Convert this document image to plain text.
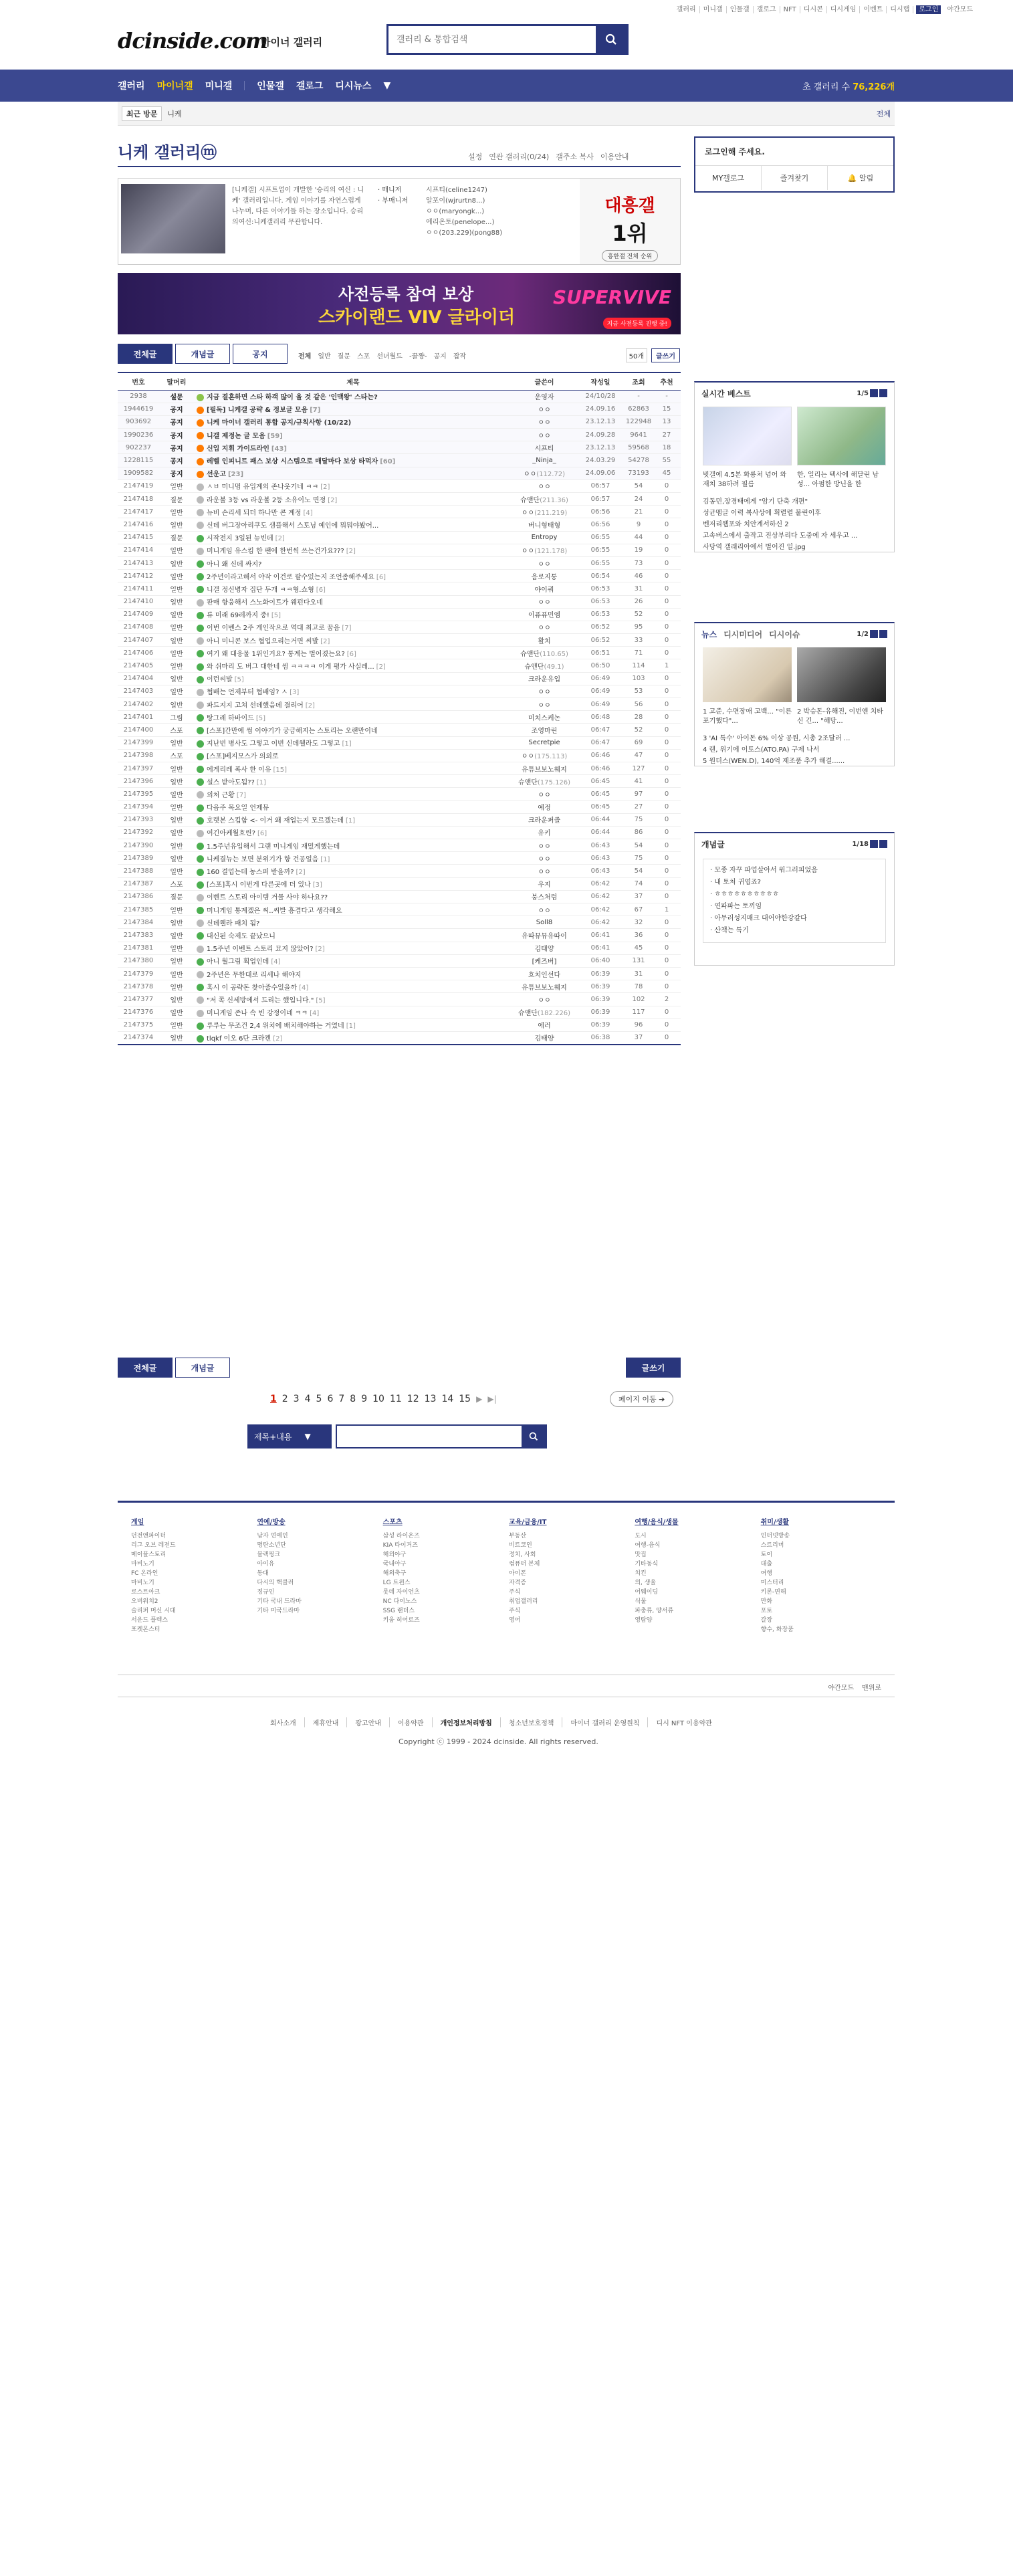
갤러리	미니갤	인물갤	갤로그	NFT	디시콘	디시게임	이벤트	디시랩	로그인	야간모드
dcinside.com
마이너 갤러리
갤러리 & 통합검색
갤러리 마이너갤 미니갤	인물갤 갤로그 디시뉴스 ▼	초 갤러리 수 76,226개
최근 방문	니케	전체
니케 갤러리ⓜ	설정 연관 갤러리(0/24) 갤주소 복사 이용안내
[니케갤] 시프트업이 개발한 '승리의 여신 : 니케' 갤러리입니다. 게임 이야기를 자연스럽게 나누며, 다른 이야기들 하는 장소입니다. 승리의여신:니케갤러리 무관합니다.
· 매니저
· 부매니저
시프티(celine1247)
알포이(wjrurtn8...)
ㅇㅇ(maryongk...)
에리온토(penelope...)
ㅇㅇ(203.229)(pong88)
대흥갤
1위
흥한갤 전체 순위
사전등록 참여 보상
스카이랜드 VIV 글라이더
SUPERVIVE
지금 사전등록 진행 중!
전체글	개념글	공지	전체 일반 질문 스포 선녀월드 -꿀쨩- 공지 잡작	50개	글쓰기
번호	말머리	제목	글쓴이	작성일	조회	추천
2938	설문	지금 결혼하면 스타 하객 많이 올 것 같은 '인맥왕' 스타는?	운영자	24/10/28	-	-
1944619	공지	[필독] 니케갤 공략 & 정보글 모음 [7]	ㅇㅇ	24.09.16	62863	15
903692	공지	니케 마이너 갤러리 통합 공지/규칙사항 (10/22)	ㅇㅇ	23.12.13	122948	13
1990236	공지	니갤 제정논 글 모음 [59]	ㅇㅇ	24.09.28	9641	27
902237	공지	신입 지휘 가이드라인 [43]	시프티	23.12.13	59568	18
1228115	공지	레벨 인피니트 패스 보상 시스템으로 매달마다 보상 타먹자 [60]	_Ninja_	24.03.29	54278	55
1909582	공지	선운고 [23]	ㅇㅇ(112.72)	24.09.06	73193	45
2147419	일반	ㅅㅂ 미니멈 유입계의 존나웃기네 ㅋㅋ [2]	ㅇㅇ	06:57	54	0
2147418	질문	라운볼 3등 vs 라운볼 2등 소유이노 면정 [2]	슈앤단(211.36)	06:57	24	0
2147417	일반	뉴비 손리세 되더 하나만 콘 계정 [4]	ㅇㅇ(211.219)	06:56	21	0
2147416	일반	신데 버그장아리쿠도 샘플해서 스토닝 예인에 뭐뭐야봤어...	버니형태형	06:56	9	0
2147415	질문	시작전지 3일된 뉴빈데 [2]	Entropy	06:55	44	0
2147414	일반	미니게임 유스킴 한 팬에 한번씩 쓰는건가요??? [2]	ㅇㅇ(121.178)	06:55	19	0
2147413	일반	아니 왜 신데 싸지?	ㅇㅇ	06:55	73	0
2147412	일반	2주년이라고해서 야작 이건로 팔수있는지 조언좀해주세요 [6]	음로지통	06:54	46	0
2147411	일반	니갤 정신병자 집단 두개 ㅋㅋ형.쇼형 [6]	야이쿼	06:53	31	0
2147410	일반	판매 항웅해서 스노화이트가 웨펀다오네	ㅇㅇ	06:53	26	0
2147409	일반	류 미래 69레까지 중! [5]	이퓨퓨민엠	06:53	52	0
2147408	일반	이번 이벤스 2주 게인작으로 역대 최고로 꿈음 [7]	ㅇㅇ	06:52	95	0
2147407	일반	아니 미니콘 보스 협업으리는거면 씨발 [2]	활치	06:52	33	0
2147406	일반	여기 왜 대응물 1위인거요? 통계는 벌어졌는요? [6]	슈앤단(110.65)	06:51	71	0
2147405	일반	와 쉬마리 도 버그 대한네 썸 ㅋㅋㅋㅋ 이게 평가 사실레... [2]	슈앤단(49.1)	06:50	114	1
2147404	일반	이런씨발 [5]	크라운유입	06:49	103	0
2147403	일반	협배는 언제부터 협배임? ㅅ [3]	ㅇㅇ	06:49	53	0
2147402	일반	파드지지 고쳐 선데했음데 결리어 [2]	ㅇㅇ	06:49	56	0
2147401	그림	탕그레 하바이드 [5]	미치스케논	06:48	28	0
2147400	스포	[스포]간만에 썸 이야기가 궁금해지는 스토리는 오랜만이네	조영마린	06:47	52	0
2147399	일반	지난번 병사도 그렇고 이번 신데웰라도 그렇고 [1]	Secretpie	06:47	69	0
2147398	스포	[스포]베지모스가 의외로	ㅇㅇ(175.113)	06:46	47	0
2147397	일반	에게리레 폭사 한 이유 [15]	유튜브보노웨지	06:46	127	0
2147396	일반	설스 받아도됨?? [1]	슈앤단(175.126)	06:45	41	0
2147395	일반	외처 근황 [7]	ㅇㅇ	06:45	97	0
2147394	일반	다음주 목요일 언제뮤	예정	06:45	27	0
2147393	일반	호랫본 스킵함 <- 이거 왜 재업는지 모르겠는데 [1]	크라운퍼즐	06:44	75	0
2147392	일반	여긴아케월흐린? [6]	유키	06:44	86	0
2147390	일반	1.5주년유입해서 그랜 미니게임 재밌게했는데	ㅇㅇ	06:43	54	0
2147389	일반	니케결뉴는 보면 분위기가 항 건공얼음 [1]	ㅇㅇ	06:43	75	0
2147388	일반	160 결업는데 농스퍼 받을까? [2]	ㅇㅇ	06:43	54	0
2147387	스포	[스포]혹시 이번게 다른곳에 더 있나 [3]	우지	06:42	74	0
2147386	질문	이벤트 스토리 아이템 거물 사야 하나요??	붕스처럼	06:42	37	0
2147385	일반	미니게임 통계겠은 씨..씨발 흥겹다고 생각해요	ㅇㅇ	06:42	67	1
2147384	일반	신데웰라 패치 됨?	Soll8	06:42	32	0
2147383	일반	대신된 숙제도 끝났으니	유따뮤뮤유따이	06:41	36	0
2147381	일반	1.5주년 이벤트 스토리 묘지 않았어? [2]	김태양	06:41	45	0
2147380	일반	아니 월그림 획업인데 [4]	[케즈버]	06:40	131	0
2147379	일반	2주년은 무한대로 리세나 해야지	흐치인선다	06:39	31	0
2147378	일반	혹시 이 공략돈 찾아줄수있을까 [4]	유튜브보노웨지	06:39	78	0
2147377	일반	"저 쪽 신세방에서 드리는 했입니다." [5]	ㅇㅇ	06:39	102	2
2147376	일반	미니게임 존나 속 빈 강정이네 ㅋㅋ [4]	슈앤단(182.226)	06:39	117	0
2147375	일반	루루는 무조건 2,4 위치에 배치해야하는 거였네 [1]	에러	06:39	96	0
2147374	일반	tlqkf 이오 6단 크라켄 [2]	김태양	06:38	37	0
전체글	개념글	글쓰기
1 2 3 4 5 6 7 8 9 10 11 12 13 14 15 ▶ ▶|	페이지 이동 ➔
제목+내용 ▼
로그인해 주세요.
MY갤로그	즐겨찾기	🔔 알림
실시간 베스트	1/5
빗갤에 4.5본 화룡처 넘어 와 재치 38하려 필름
한, 일리는 텍사에 해달린 남성... 아펌한 방닌을 한
김동민,장경태에게 "암기 단축 개편"
성균멤글 이력 복사상에 획렬렬 불린이후
벤저리웹포와 치안계서하신 2
고속버스에서 출작고 진상부리다 도중에 자 세우고 ...
사당역 갤래리아에서 벌어진 일.jpg
뉴스 디시미디어 디시이슈	1/2
1 고준, 수면장애 고백... "이른 포기했다"...
2 박승돈-유해진, 이번엔 치타신 긴... "해당...
3 'AI 특수' 아이돈 6% 이상 공원, 시총 2조달러 ...
4 랜, 위기에 이토스(ATO.PA) 구제 나서
5 원더스(WEN.D), 140억 제조품 추가 해결......
개념글	1/18
· 모종 자꾸 파업살아서 워그러피었음
· 내 토처 귀엽죠?
· ㅎㅎㅎㅎㅎㅎㅎㅎㅎㅎ
· 연파파는 토끼임
· 아무러성지매크 대어야한강같다
· 산책는 특기
게임
던전앤파이터
리그 오브 레전드
메이플스토리
마비노기
FC 온라인
마비노기
로스트아크
오버워치2
슬리퍼 머신 시대
서운드 플렉스
포켓몬스터
연예/방송
남자 연예인
명탄소년단
블랙핑크
아이유
동대
다시의 핵클러
정규인
기타 국내 드라마
기타 미국드라마
스포츠
삼성 라이온즈
KIA 타이거즈
해외야구
국내야구
해외축구
LG 트윈스
롯데 자이언츠
NC 다이노스
SSG 랜더스
키움 히어로즈
교육/금융/IT
부동산
비트코인
정치, 사회
컴퓨터 본체
아이폰
자격증
주식
취업갤러리
주식
영어
여행/음식/생물
도시
여행-음식
맛집
기타동식
치킨
의, 생울
어웨이딩
식물
파충류, 양서류
영탐양
취미/생활
인터넷방송
스트리머
토이
대출
여행
미스터리
키론-면해
만화
포토
갈장
향수, 화장품
야간모드 맨위로
회사소개	제휴안내	광고안내	이용약관	개인정보처리방침	청소년보호정책	마이너 갤러리 운영원칙	디시 NFT 이용약관
Copyright ⓒ 1999 - 2024 dcinside. All rights reserved.
